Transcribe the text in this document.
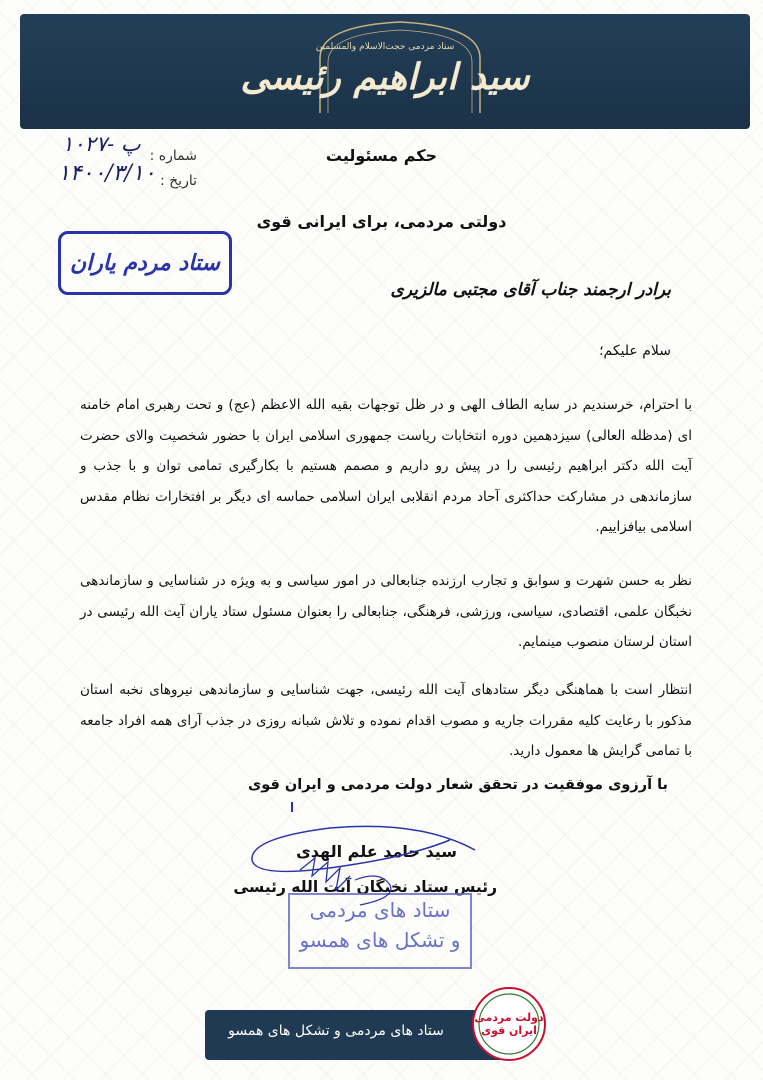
ستاد مردمی حجت‌الاسلام والمسلمین
سید ابراهیم رئیسی
شماره :
۱۰۲۷- پ
تاریخ :
۱۴۰۰/۳/۱۰
حکم مسئولیت
دولتی مردمی، برای ایرانی قوی
ستاد مردم یاران
برادر ارجمند جناب آقای مجتبی مالزیری
سلام علیکم؛
با احترام، خرسندیم در سایه الطاف الهی و در ظل توجهات بقیه الله الاعظم (عج) و تحت رهبری امام خامنه ای (مدظله العالی) سیزدهمین دوره انتخابات ریاست جمهوری اسلامی ایران با حضور شخصیت والای حضرت آیت الله دکتر ابراهیم رئیسی را در پیش رو داریم و مصمم هستیم با بکارگیری تمامی توان و با جذب و سازماندهی در مشارکت حداکثری آحاد مردم انقلابی ایران اسلامی حماسه ای دیگر بر افتخارات نظام مقدس اسلامی بیافزاییم.
نظر به حسن شهرت و سوابق و تجارب ارزنده جنابعالی در امور سیاسی و به ویژه در شناسایی و سازماندهی نخبگان علمی، اقتصادی، سیاسی، ورزشی، فرهنگی، جنابعالی را بعنوان مسئول ستاد یاران آیت الله رئیسی در استان لرستان منصوب مینمایم.
انتظار است با هماهنگی دیگر ستادهای آیت الله رئیسی، جهت شناسایی و سازماندهی نیروهای نخبه استان مذکور با رعایت کلیه مقررات جاریه و مصوب اقدام نموده و تلاش شبانه روزی در جذب آرای همه افراد جامعه با تمامی گرایش ها معمول دارید.
با آرزوی موفقیت در تحقق شعار دولت مردمی و ایران قوی
سید حامد علم الهدی
رئیس ستاد نخبگان آیت الله رئیسی
ستاد های مردمی
و تشکل های همسو
ستاد های مردمی و تشکل های همسو
دولت مردمی ایران قوی
